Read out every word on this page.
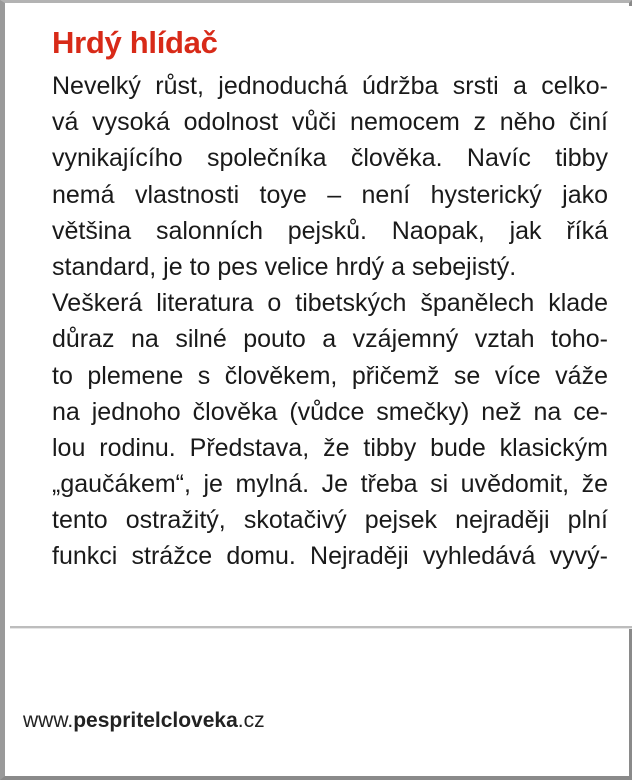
Hrdý hlídač
Nevelký růst, jednoduchá údržba srsti a celko-
vá vysoká odolnost vůči nemocem z něho činí
vynikajícího společníka člověka. Navíc tibby
nemá vlastnosti toye – není hysterický jako
většina salonních pejsků. Naopak, jak říká
standard, je to pes velice hrdý a sebejistý.
Veškerá literatura o tibetských španělech klade
důraz na silné pouto a vzájemný vztah toho-
to plemene s člověkem, přičemž se více váže
na jednoho člověka (vůdce smečky) než na ce-
lou rodinu. Představa, že tibby bude klasickým
„gaučákem“, je mylná. Je třeba si uvědomit, že
tento ostražitý, skotačivý pejsek nejraději plní
funkci strážce domu. Nejraději vyhledává vyvý-
www.pespritelcloveka.cz
